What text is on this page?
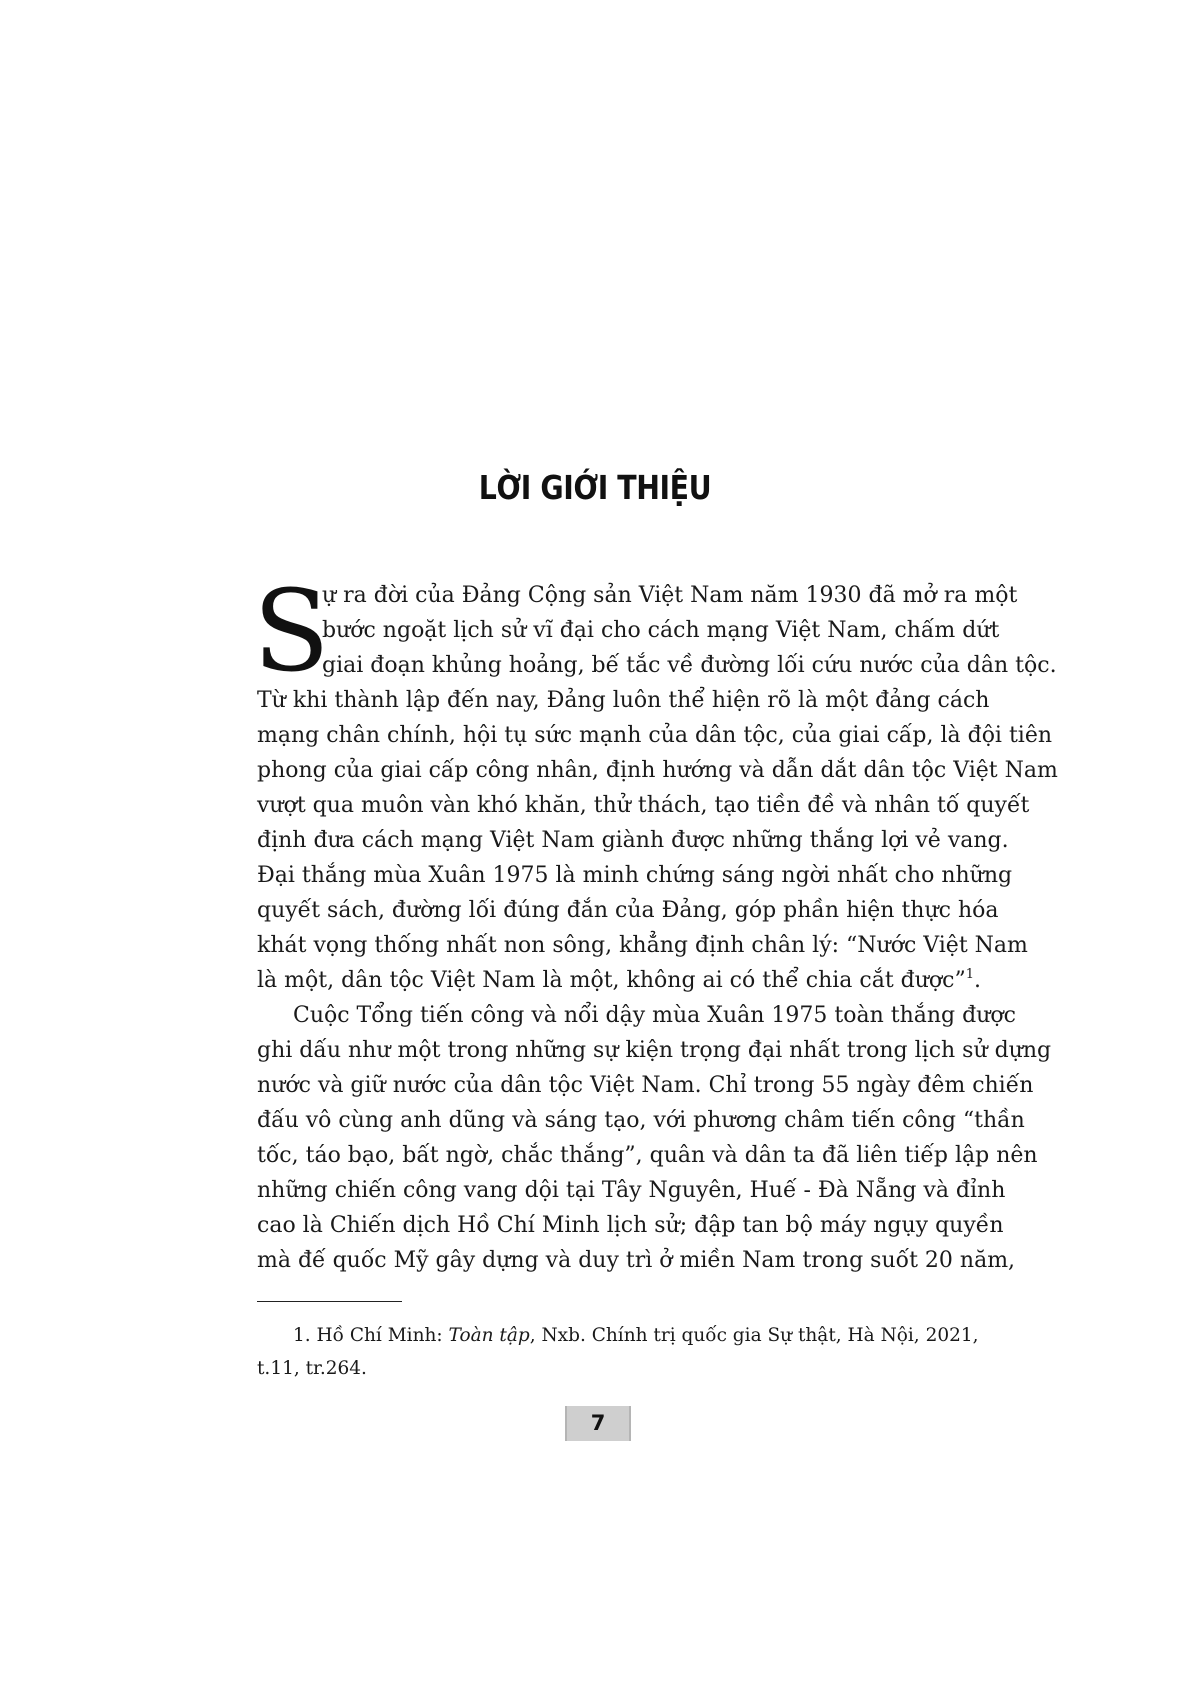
LỜI GIỚI THIỆU
S
ự ra đời của Đảng Cộng sản Việt Nam năm 1930 đã mở ra một
bước ngoặt lịch sử vĩ đại cho cách mạng Việt Nam, chấm dứt
giai đoạn khủng hoảng, bế tắc về đường lối cứu nước của dân tộc.
Từ khi thành lập đến nay, Đảng luôn thể hiện rõ là một đảng cách
mạng chân chính, hội tụ sức mạnh của dân tộc, của giai cấp, là đội tiên
phong của giai cấp công nhân, định hướng và dẫn dắt dân tộc Việt Nam
vượt qua muôn vàn khó khăn, thử thách, tạo tiền đề và nhân tố quyết
định đưa cách mạng Việt Nam giành được những thắng lợi vẻ vang.
Đại thắng mùa Xuân 1975 là minh chứng sáng ngời nhất cho những
quyết sách, đường lối đúng đắn của Đảng, góp phần hiện thực hóa
khát vọng thống nhất non sông, khẳng định chân lý: “Nước Việt Nam
là một, dân tộc Việt Nam là một, không ai có thể chia cắt được”$^1$.
Cuộc Tổng tiến công và nổi dậy mùa Xuân 1975 toàn thắng được
ghi dấu như một trong những sự kiện trọng đại nhất trong lịch sử dựng
nước và giữ nước của dân tộc Việt Nam. Chỉ trong 55 ngày đêm chiến
đấu vô cùng anh dũng và sáng tạo, với phương châm tiến công “thần
tốc, táo bạo, bất ngờ, chắc thắng”, quân và dân ta đã liên tiếp lập nên
những chiến công vang dội tại Tây Nguyên, Huế - Đà Nẵng và đỉnh
cao là Chiến dịch Hồ Chí Minh lịch sử; đập tan bộ máy ngụy quyền
mà đế quốc Mỹ gây dựng và duy trì ở miền Nam trong suốt 20 năm,
1. Hồ Chí Minh: Toàn tập, Nxb. Chính trị quốc gia Sự thật, Hà Nội, 2021,
t.11, tr.264.
7
